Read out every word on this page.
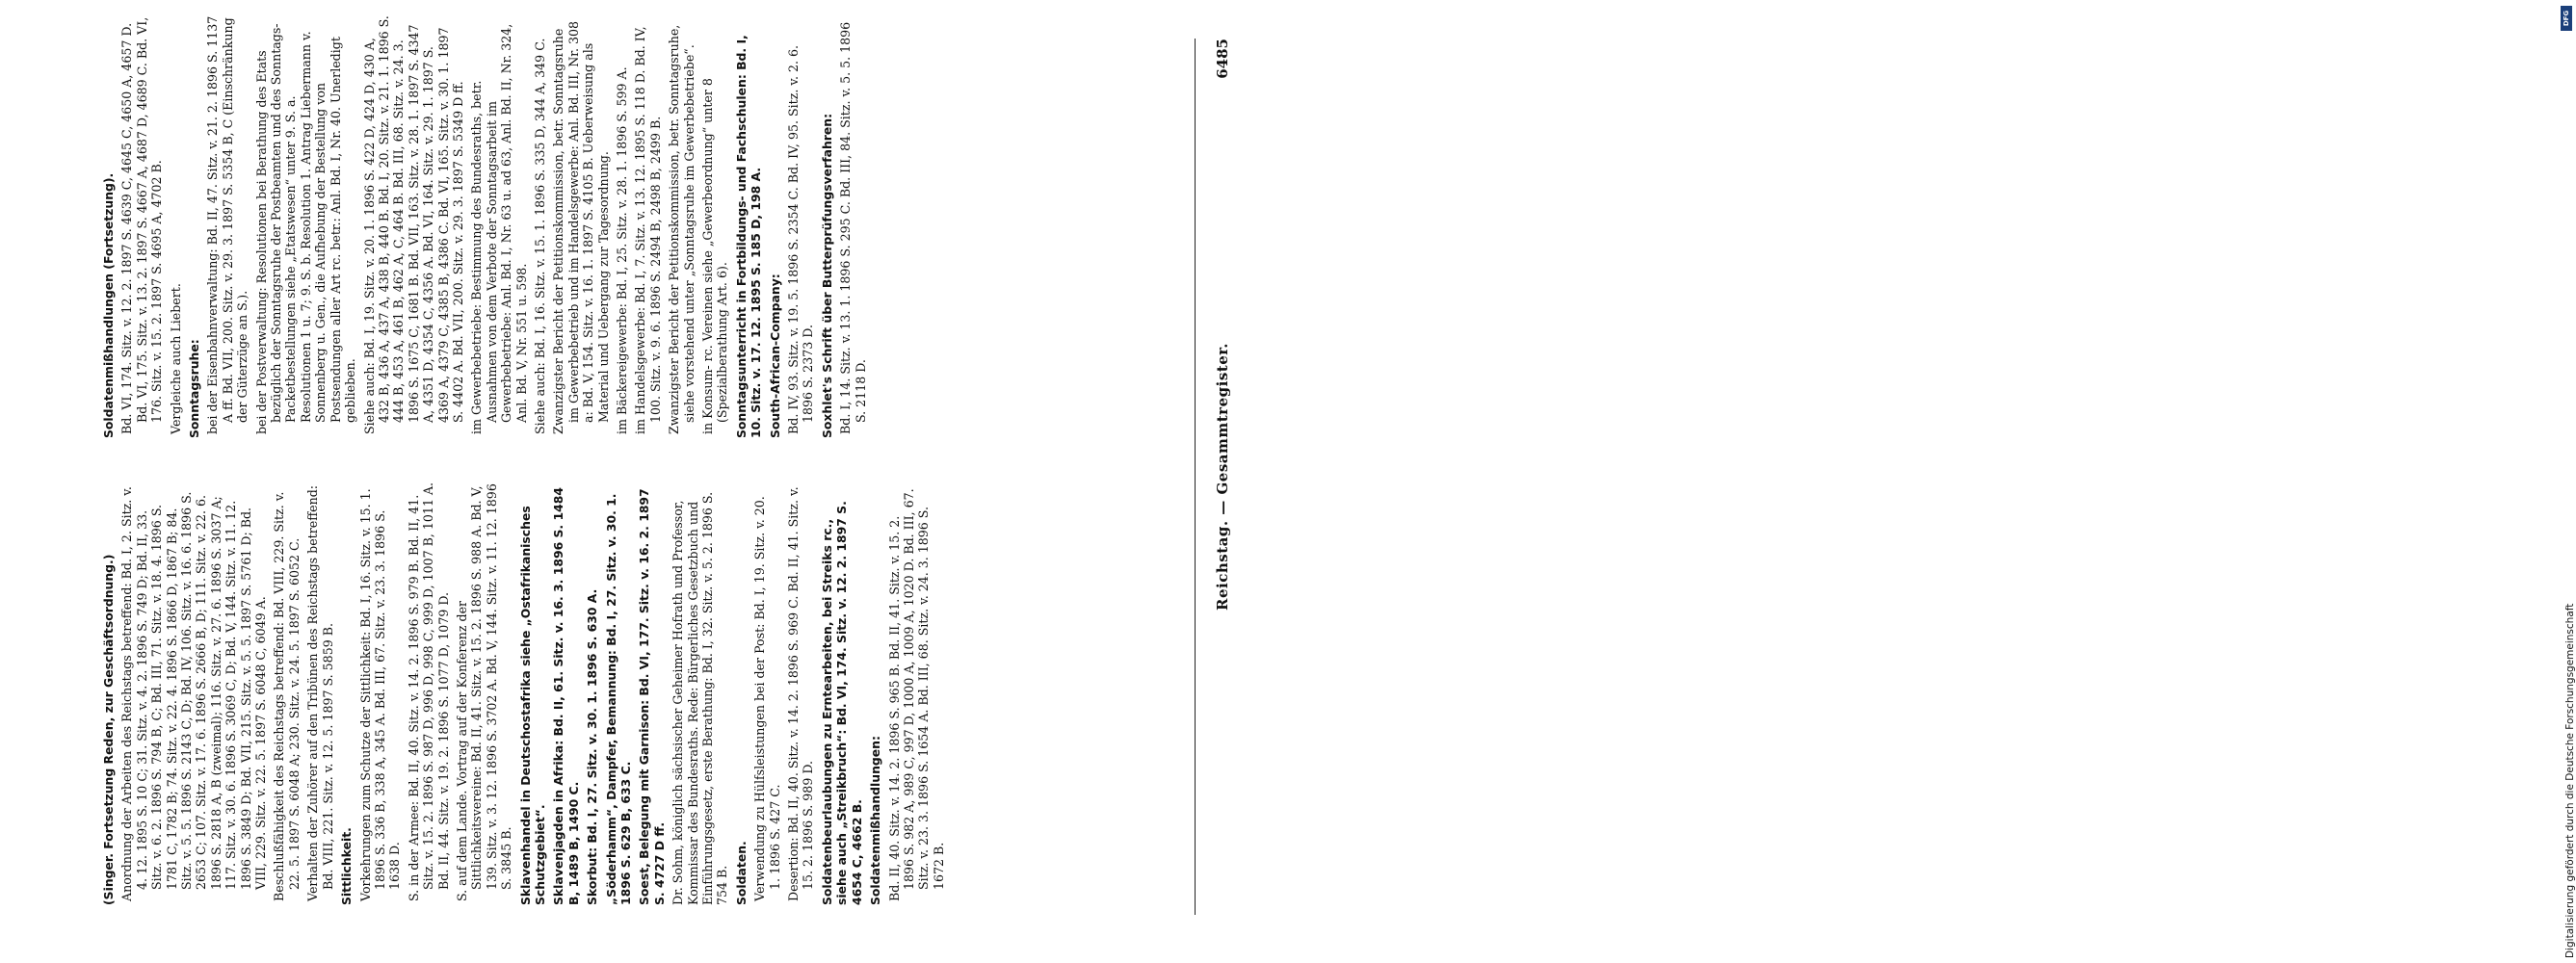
Reichstag. — Gesammtregister.
6485

(Singer. Fortsetzung Reden, zur Geschäftsordnung.) Anordnung der Arbeiten des Reichstags betreffend: Bd. I, 2. Sitz. v. 4. 12. 1895 S. 10 C; 31. Sitz. v. 4. 2. 1896 S. 749 D; Bd. II, 33. Sitz. v. 6. 2. 1896 S. 794 B, C; Bd. III, 71. Sitz. v. 18. 4. 1896 S. 1781 C, 1782 B; 74. Sitz. v. 22. 4. 1896 S. 1866 D, 1867 B; 84. Sitz. v. 5. 5. 1896 S. 2143 C, D; Bd. IV, 106. Sitz. v. 16. 6. 1896 S. 2653 C; 107. Sitz. v. 17. 6. 1896 S. 2666 B, D; 111. Sitz. v. 22. 6. 1896 S. 2818 A, B (zweimal); 116. Sitz. v. 27. 6. 1896 S. 3037 A; 117. Sitz. v. 30. 6. 1896 S. 3069 C, D; Bd. V, 144. Sitz. v. 11. 12. 1896 S. 3849 D; Bd. VII, 215. Sitz. v. 5. 5. 1897 S. 5761 D; Bd. VIII, 229. Sitz. v. 22. 5. 1897 S. 6048 C, 6049 A. Beschlußfähigkeit des Reichstags betreffend: Bd. VIII, 229. Sitz. v. 22. 5. 1897 S. 6048 A; 230. Sitz. v. 24. 5. 1897 S. 6052 C. Verhalten der Zuhörer auf den Tribünen des Reichstags betreffend: Bd. VIII, 221. Sitz. v. 12. 5. 1897 S. 5859 B. Sittlichkeit. Vorkehrungen zum Schutze der Sittlichkeit: Bd. I, 16. Sitz. v. 15. 1. 1896 S. 336 B, 338 A, 345 A. Bd. III, 67. Sitz. v. 23. 3. 1896 S. 1638 D. S. in der Armee: Bd. II, 40. Sitz. v. 14. 2. 1896 S. 979 B. Bd. II, 41. Sitz. v. 15. 2. 1896 S. 987 D, 996 D, 998 C, 999 D, 1007 B, 1011 A. Bd. II, 44. Sitz. v. 19. 2. 1896 S. 1077 D, 1079 D. S. auf dem Lande. Vortrag auf der Konferenz der Sittlichkeitsvereine: Bd. II, 41. Sitz. v. 15. 2. 1896 S. 988 A. Bd. V, 139. Sitz. v. 3. 12. 1896 S. 3702 A. Bd. V, 144. Sitz. v. 11. 12. 1896 S. 3845 B. Sklavenhandel in Deutschostafrika siehe „Ostafrikanisches Schutzgebiet“. Sklavenjagden in Afrika: Bd. II, 61. Sitz. v. 16. 3. 1896 S. 1484 B, 1489 B, 1490 C. Skorbut: Bd. I, 27. Sitz. v. 30. 1. 1896 S. 630 A. „Söderhamm“, Dampfer, Bemannung: Bd. I, 27. Sitz. v. 30. 1. 1896 S. 629 B, 633 C. Soest, Belegung mit Garnison: Bd. VI, 177. Sitz. v. 16. 2. 1897 S. 4727 D ff. Dr. Sohm, königlich sächsischer Geheimer Hofrath und Professor, Kommissar des Bundesraths. Rede: Bürgerliches Gesetzbuch und Einführungsgesetz, erste Berathung: Bd. I, 32. Sitz. v. 5. 2. 1896 S. 754 B. Soldaten. Verwendung zu Hülfsleistungen bei der Post: Bd. I, 19. Sitz. v. 20. 1. 1896 S. 427 C. Desertion: Bd. II, 40. Sitz. v. 14. 2. 1896 S. 969 C. Bd. II, 41. Sitz. v. 15. 2. 1896 S. 989 D. Soldatenbeurlaubungen zu Erntearbeiten, bei Streiks rc., siehe auch „Streikbruch“: Bd. VI, 174. Sitz. v. 12. 2. 1897 S. 4654 C, 4662 B. Soldatenmißhandlungen: Bd. II, 40. Sitz. v. 14. 2. 1896 S. 965 B. Bd. II, 41. Sitz. v. 15. 2. 1896 S. 982 A, 989 C, 997 D, 1000 A, 1009 A, 1020 D. Bd. III, 67. Sitz. v. 23. 3. 1896 S. 1654 A. Bd. III, 68. Sitz. v. 24. 3. 1896 S. 1672 B.

Soldatenmißhandlungen (Fortsetzung). Bd. VI, 174. Sitz. v. 12. 2. 1897 S. 4639 C, 4645 C, 4650 A, 4657 D. Bd. VI, 175. Sitz. v. 13. 2. 1897 S. 4667 A, 4687 D, 4689 C. Bd. VI, 176. Sitz. v. 15. 2. 1897 S. 4695 A, 4702 B. Vergleiche auch Liebert. Sonntagsruhe: bei der Eisenbahnverwaltung: Bd. II, 47. Sitz. v. 21. 2. 1896 S. 1137 A ff. Bd. VII, 200. Sitz. v. 29. 3. 1897 S. 5354 B, C (Einschränkung der Güterzüge an S.). bei der Postverwaltung: Resolutionen bei Berathung des Etats bezüglich der Sonntagsruhe der Postbeamten und des Sonntags-Packetbestellungen siehe „Etatswesen“ unter 9. S. a. Resolutionen 1 u. 7; 9. S. b. Resolution 1. Antrag Liebermann v. Sonnenberg u. Gen., die Aufhebung der Bestellung von Postsendungen aller Art rc. betr.: Anl. Bd. I, Nr. 40. Unerledigt geblieben. Siehe auch: Bd. I, 19. Sitz. v. 20. 1. 1896 S. 422 D, 424 D, 430 A, 432 B, 436 A, 437 A, 438 B, 440 B. Bd. I, 20. Sitz. v. 21. 1. 1896 S. 444 B, 453 A, 461 B, 462 A, C, 464 B. Bd. III, 68. Sitz. v. 24. 3. 1896 S. 1675 C, 1681 B. Bd. VII, 163. Sitz. v. 28. 1. 1897 S. 4347 A, 4351 D, 4354 C, 4356 A. Bd. VI, 164. Sitz. v. 29. 1. 1897 S. 4369 A, 4379 C, 4385 B, 4386 C. Bd. VI, 165. Sitz. v. 30. 1. 1897 S. 4402 A. Bd. VII, 200. Sitz. v. 29. 3. 1897 S. 5349 D ff. im Gewerbebetriebe: Bestimmung des Bundesraths, betr. Ausnahmen von dem Verbote der Sonntagsarbeit im Gewerbebetriebe: Anl. Bd. I, Nr. 63 u. ad 63, Anl. Bd. II, Nr. 324, Anl. Bd. V, Nr. 551 u. 598. Siehe auch: Bd. I, 16. Sitz. v. 15. 1. 1896 S. 335 D, 344 A, 349 C. Zwanzigster Bericht der Petitionskommission, betr. Sonntagsruhe im Gewerbebetrieb und im Handelsgewerbe: Anl. Bd. III, Nr. 308 a: Bd. V, 154. Sitz. v. 16. 1. 1897 S. 4105 B. Ueberweisung als Material und Uebergang zur Tagesordnung. im Bäckereigewerbe: Bd. I, 25. Sitz. v. 28. 1. 1896 S. 599 A. im Handelsgewerbe: Bd. I, 7. Sitz. v. 13. 12. 1895 S. 118 D. Bd. IV, 100. Sitz. v. 9. 6. 1896 S. 2494 B, 2498 B, 2499 B. Zwanzigster Bericht der Petitionskommission, betr. Sonntagsruhe, siehe vorstehend unter „Sonntagsruhe im Gewerbebetriebe“. in Konsum- rc. Vereinen siehe „Gewerbeordnung“ unter 8 (Spezialberathung Art. 6). Sonntagsunterricht in Fortbildungs- und Fachschulen: Bd. I, 10. Sitz. v. 17. 12. 1895 S. 185 D, 198 A. South-African-Company: Bd. IV, 93. Sitz. v. 19. 5. 1896 S. 2354 C. Bd. IV, 95. Sitz. v. 2. 6. 1896 S. 2373 D. Soxhlet's Schrift über Butterprüfungsverfahren: Bd. I, 14. Sitz. v. 13. 1. 1896 S. 295 C. Bd. III, 84. Sitz. v. 5. 5. 1896 S. 2118 D.

DFG
Digitalisierung gefördert durch die Deutsche Forschungsgemeinschaft
